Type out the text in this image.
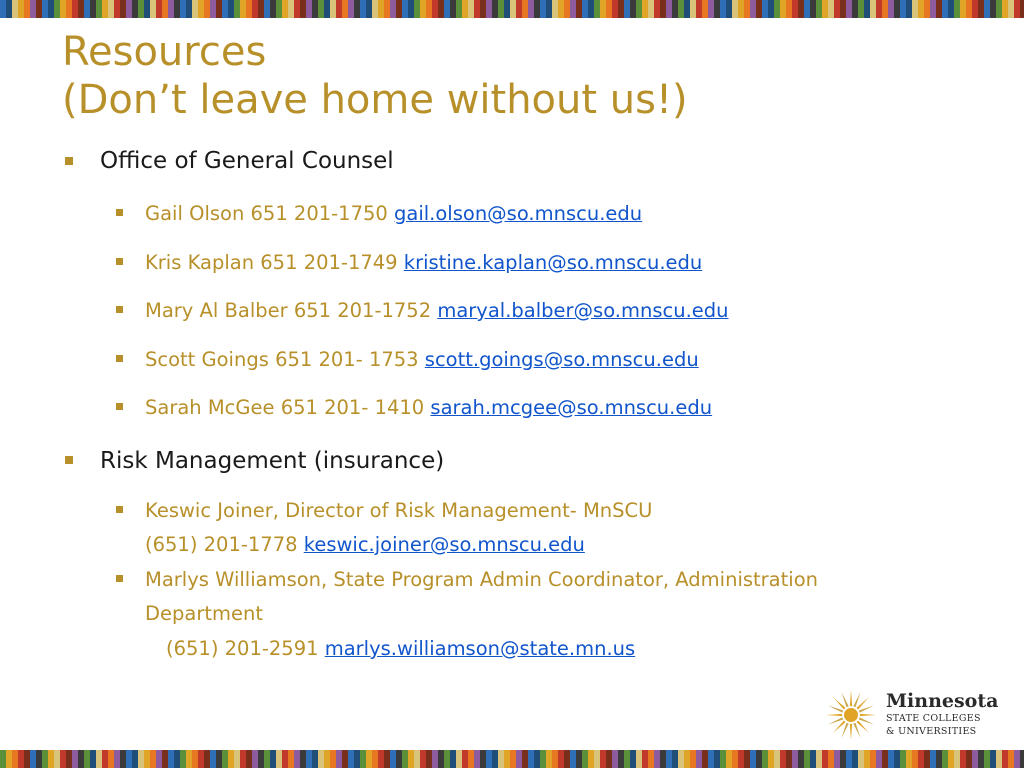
Resources
(Don’t leave home without us!)
Office of General Counsel
Gail Olson 651 201-1750 gail.olson@so.mnscu.edu
Kris Kaplan 651 201-1749 kristine.kaplan@so.mnscu.edu
Mary Al Balber 651 201-1752 maryal.balber@so.mnscu.edu
Scott Goings 651 201- 1753 scott.goings@so.mnscu.edu
Sarah McGee 651 201- 1410 sarah.mcgee@so.mnscu.edu
Risk Management (insurance)
Keswic Joiner, Director of Risk Management- MnSCU
(651) 201-1778 keswic.joiner@so.mnscu.edu
Marlys Williamson, State Program Admin Coordinator, Administration
Department
(651) 201-2591 marlys.williamson@state.mn.us
Minnesota
STATE COLLEGES
& UNIVERSITIES
